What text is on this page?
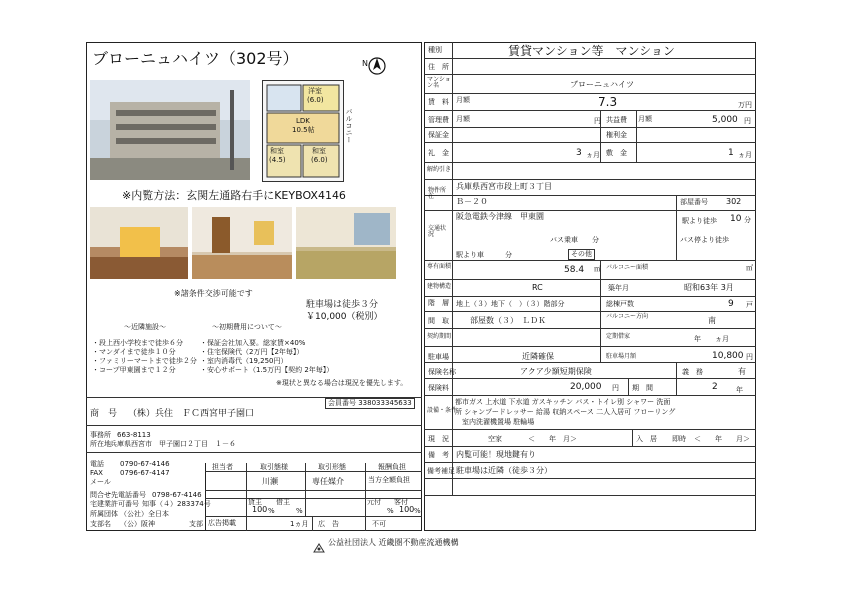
ブローニュハイツ（302号）	N
洋室
(6.0)
LDK
10.5帖
和室
(4.5)
和室
(6.0)
バルコニー
※内覧方法：玄関左通路右手にKEYBOX4146
※諸条件交渉可能です
駐車場は徒歩３分
￥10,000（税別）
～近隣施設～	～初期費用について～
・段上西小学校まで徒歩６分
・マンダイまで徒歩１０分
・ファミリーマートまで徒歩２分
・コープ甲東園まで１２分
・保証会社加入要。総家賃×40%
・住宅保険代（2万円【2年毎】）
・室内消毒代（19,250円）
・安心サポート（1.5万円【契約 2年毎】）
※現状と異なる場合は現況を優先します。
会員番号 338033345633
商　号 （株）兵住　ＦＣ西宮甲子園口
事務所 663-8113
所在地 兵庫県西宮市　甲子園口２丁目　１－６
電話 0790-67-4146
FAX 0796-67-4147
メール
問合せ先電話番号 0798-67-4146
宅建業許可番号 知事（４）283374号
所属団体 （公社）全日本
支部名 （公）阪神	支部
担当者	取引態様	取引形態	報酬負担
川瀬	専任媒介	当方全額負担
貸主 借主	元付 客付
100 %	%	% 100 %
広告掲載	1ヵ月 広　告	不可
種別	賃貸マンション等　マンション
住　所
マンション名	ブローニュハイツ
賃　料 月額	7.3	万円
管理費 月額	円 共益費 月額	5,000 円
保証金	権利金
礼　金	3 ヵ月 敷　金	1 ヵ月
解約引き
物件所在
兵庫県西宮市段上町３丁目
Ｂ－２０	部屋番号 302
交通状況
阪急電鉄今津線　甲東園	駅より徒歩 10 分
バス乗車　　分	バス停より徒歩
駅より車　　　分	その他
専有面積	58.4 ㎡ バルコニー面積	㎡
建物構造	RC	築年月	昭和63年 3月
階　層 地上（３）地下（　）（３）階部分	総棟戸数	9 戸
間　取	部屋数（３）　ＬＤＫ	バルコニー方向	南
契約期間	定期借家	年　　ヵ月
駐車場	近隣確保	駐車場月額	10,800 円
保険名称	アクア少額短期保険	義　務	有
保険料	20,000 円 期　間	2	年
設備・条件
都市ガス 上水道 下水道 ガスキッチン バス・トイレ別 シャワー 洗面
所 シャンプードレッサー 給湯 収納スペース 二人入居可 フローリング
　室内洗濯機置場 駐輪場
現　況	空家	＜　　年　月＞	入　居 即時 ＜　　年　　月＞
備　考 内覧可能！現地鍵有り
備考補足 駐車場は近隣（徒歩３分）
公益社団法人 近畿圏不動産流通機構
